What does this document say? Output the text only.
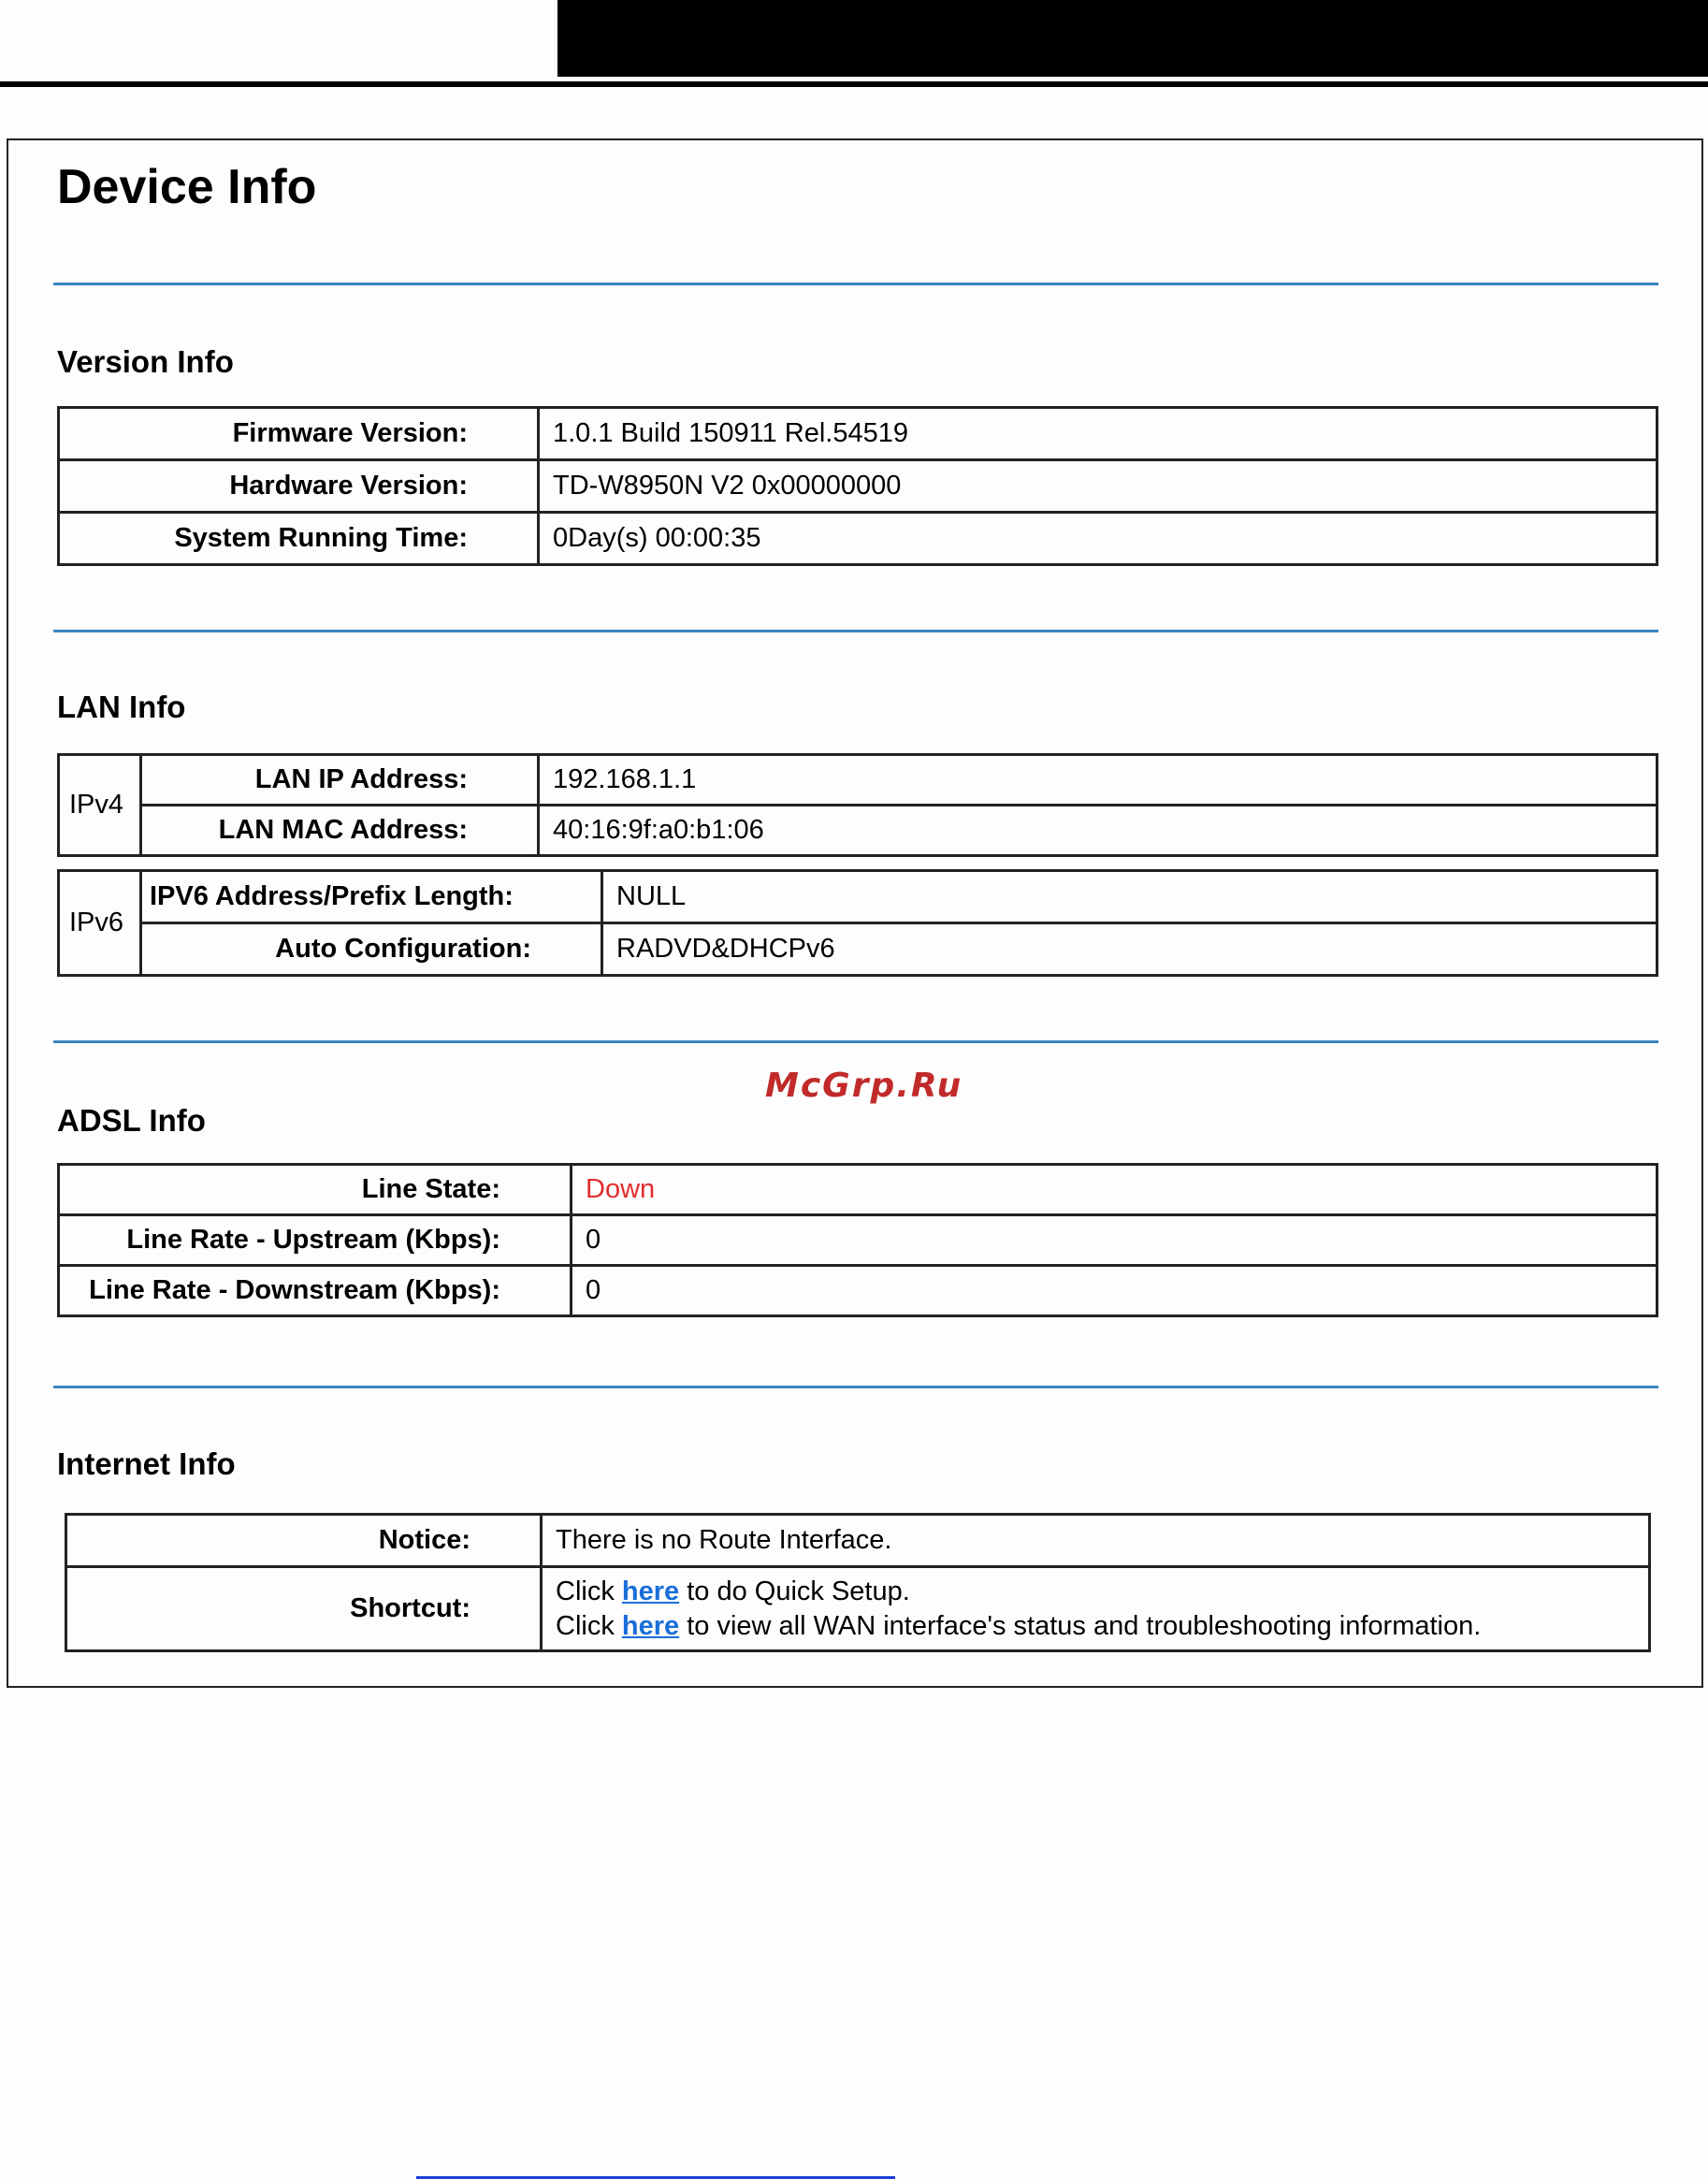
Device Info
Version Info
Firmware Version:	1.0.1 Build 150911 Rel.54519
Hardware Version:	TD-W8950N V2 0x00000000
System Running Time:	0Day(s) 00:00:35
LAN Info
IPv4	LAN IP Address:	192.168.1.1
	LAN MAC Address:	40:16:9f:a0:b1:06
IPv6	IPV6 Address/Prefix Length:	NULL
	Auto Configuration:	RADVD&DHCPv6
ADSL Info
Line State:	Down
Line Rate - Upstream (Kbps):	0
Line Rate - Downstream (Kbps):	0
Internet Info
Notice:	There is no Route Interface.
Shortcut:	Click here to do Quick Setup.
Click here to view all WAN interface's status and troubleshooting information.
McGrp.Ru
